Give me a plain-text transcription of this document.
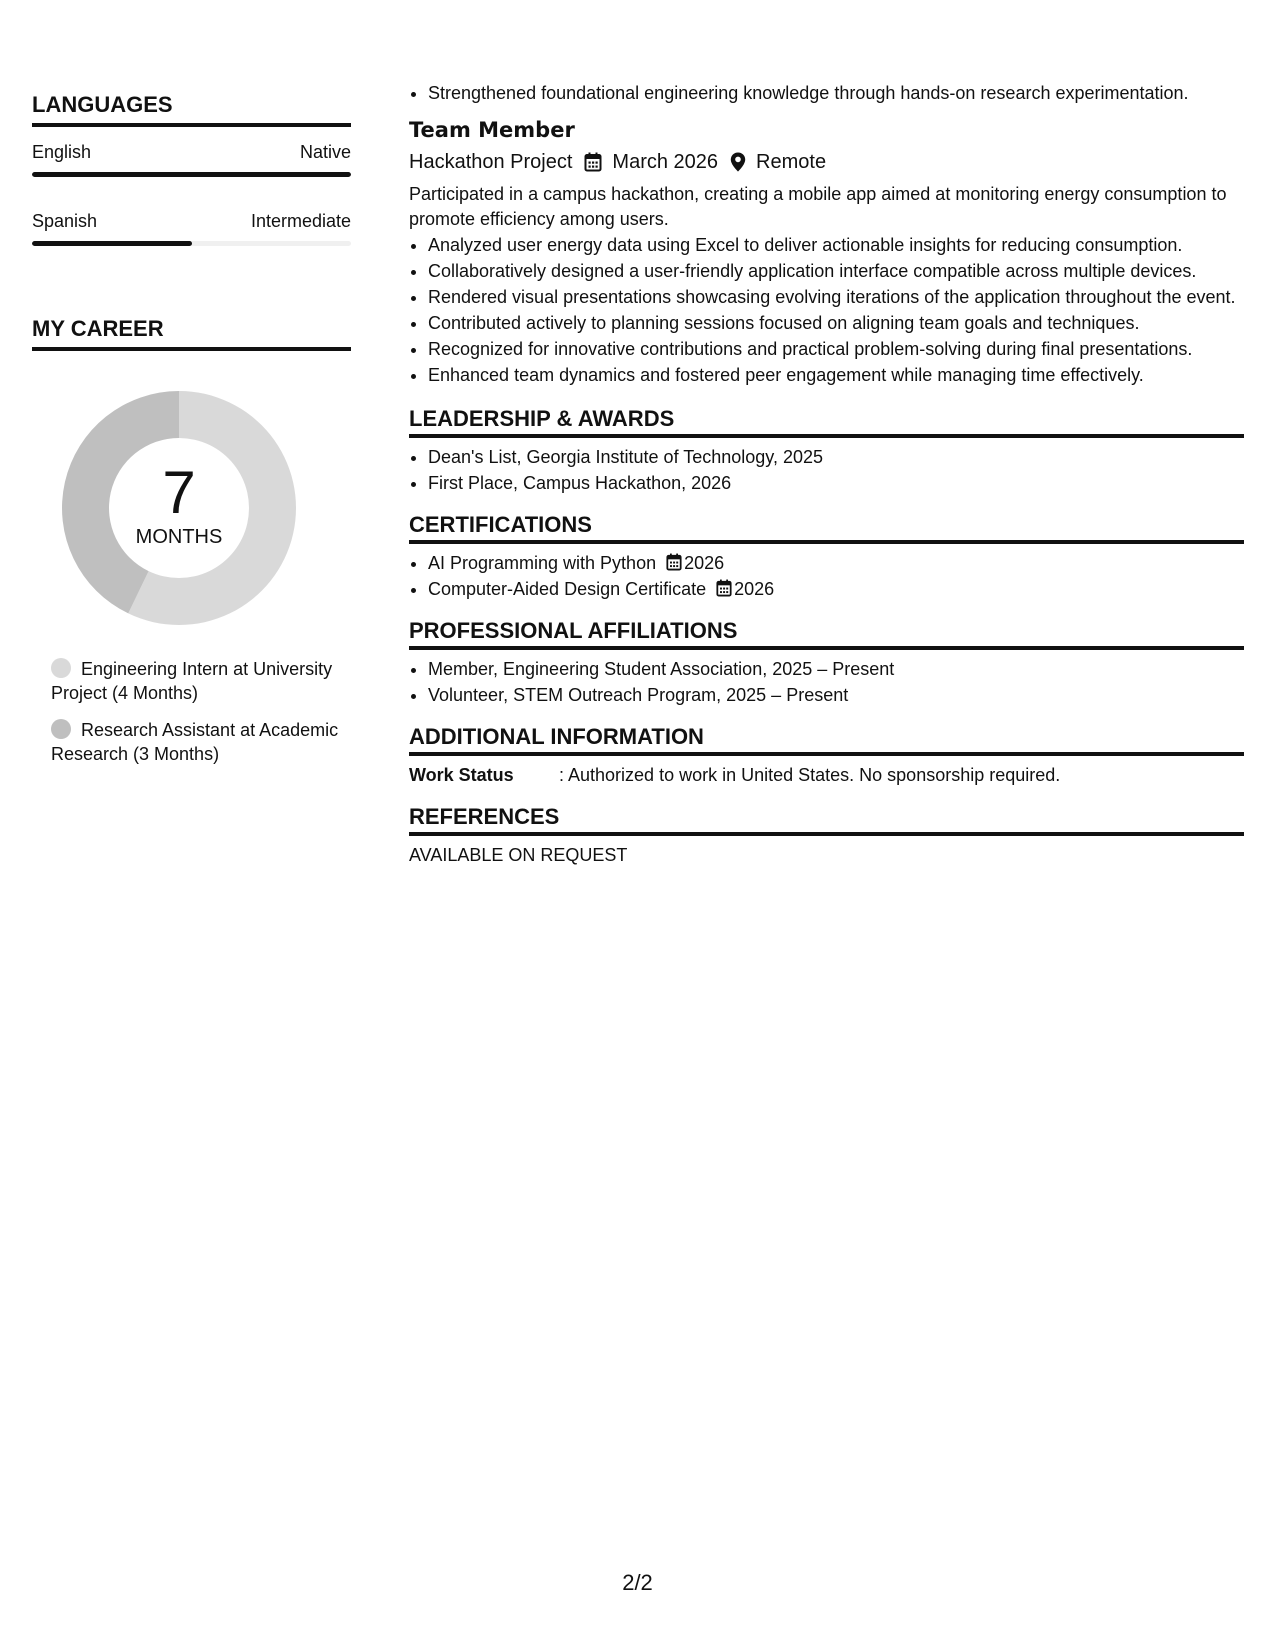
LANGUAGES
English	Native
Spanish	Intermediate
MY CAREER
7
MONTHS
Engineering Intern at University Project (4 Months)
Research Assistant at Academic Research (3 Months)
• Strengthened foundational engineering knowledge through hands-on research experimentation.
Team Member
Hackathon Project March 2026 Remote
Participated in a campus hackathon, creating a mobile app aimed at monitoring energy consumption to promote efficiency among users.
• Analyzed user energy data using Excel to deliver actionable insights for reducing consumption.
• Collaboratively designed a user-friendly application interface compatible across multiple devices.
• Rendered visual presentations showcasing evolving iterations of the application throughout the event.
• Contributed actively to planning sessions focused on aligning team goals and techniques.
• Recognized for innovative contributions and practical problem-solving during final presentations.
• Enhanced team dynamics and fostered peer engagement while managing time effectively.
LEADERSHIP & AWARDS
• Dean's List, Georgia Institute of Technology, 2025
• First Place, Campus Hackathon, 2026
CERTIFICATIONS
• AI Programming with Python 2026
• Computer-Aided Design Certificate 2026
PROFESSIONAL AFFILIATIONS
• Member, Engineering Student Association, 2025 – Present
• Volunteer, STEM Outreach Program, 2025 – Present
ADDITIONAL INFORMATION
Work Status	: Authorized to work in United States. No sponsorship required.
REFERENCES
AVAILABLE ON REQUEST
2/2
